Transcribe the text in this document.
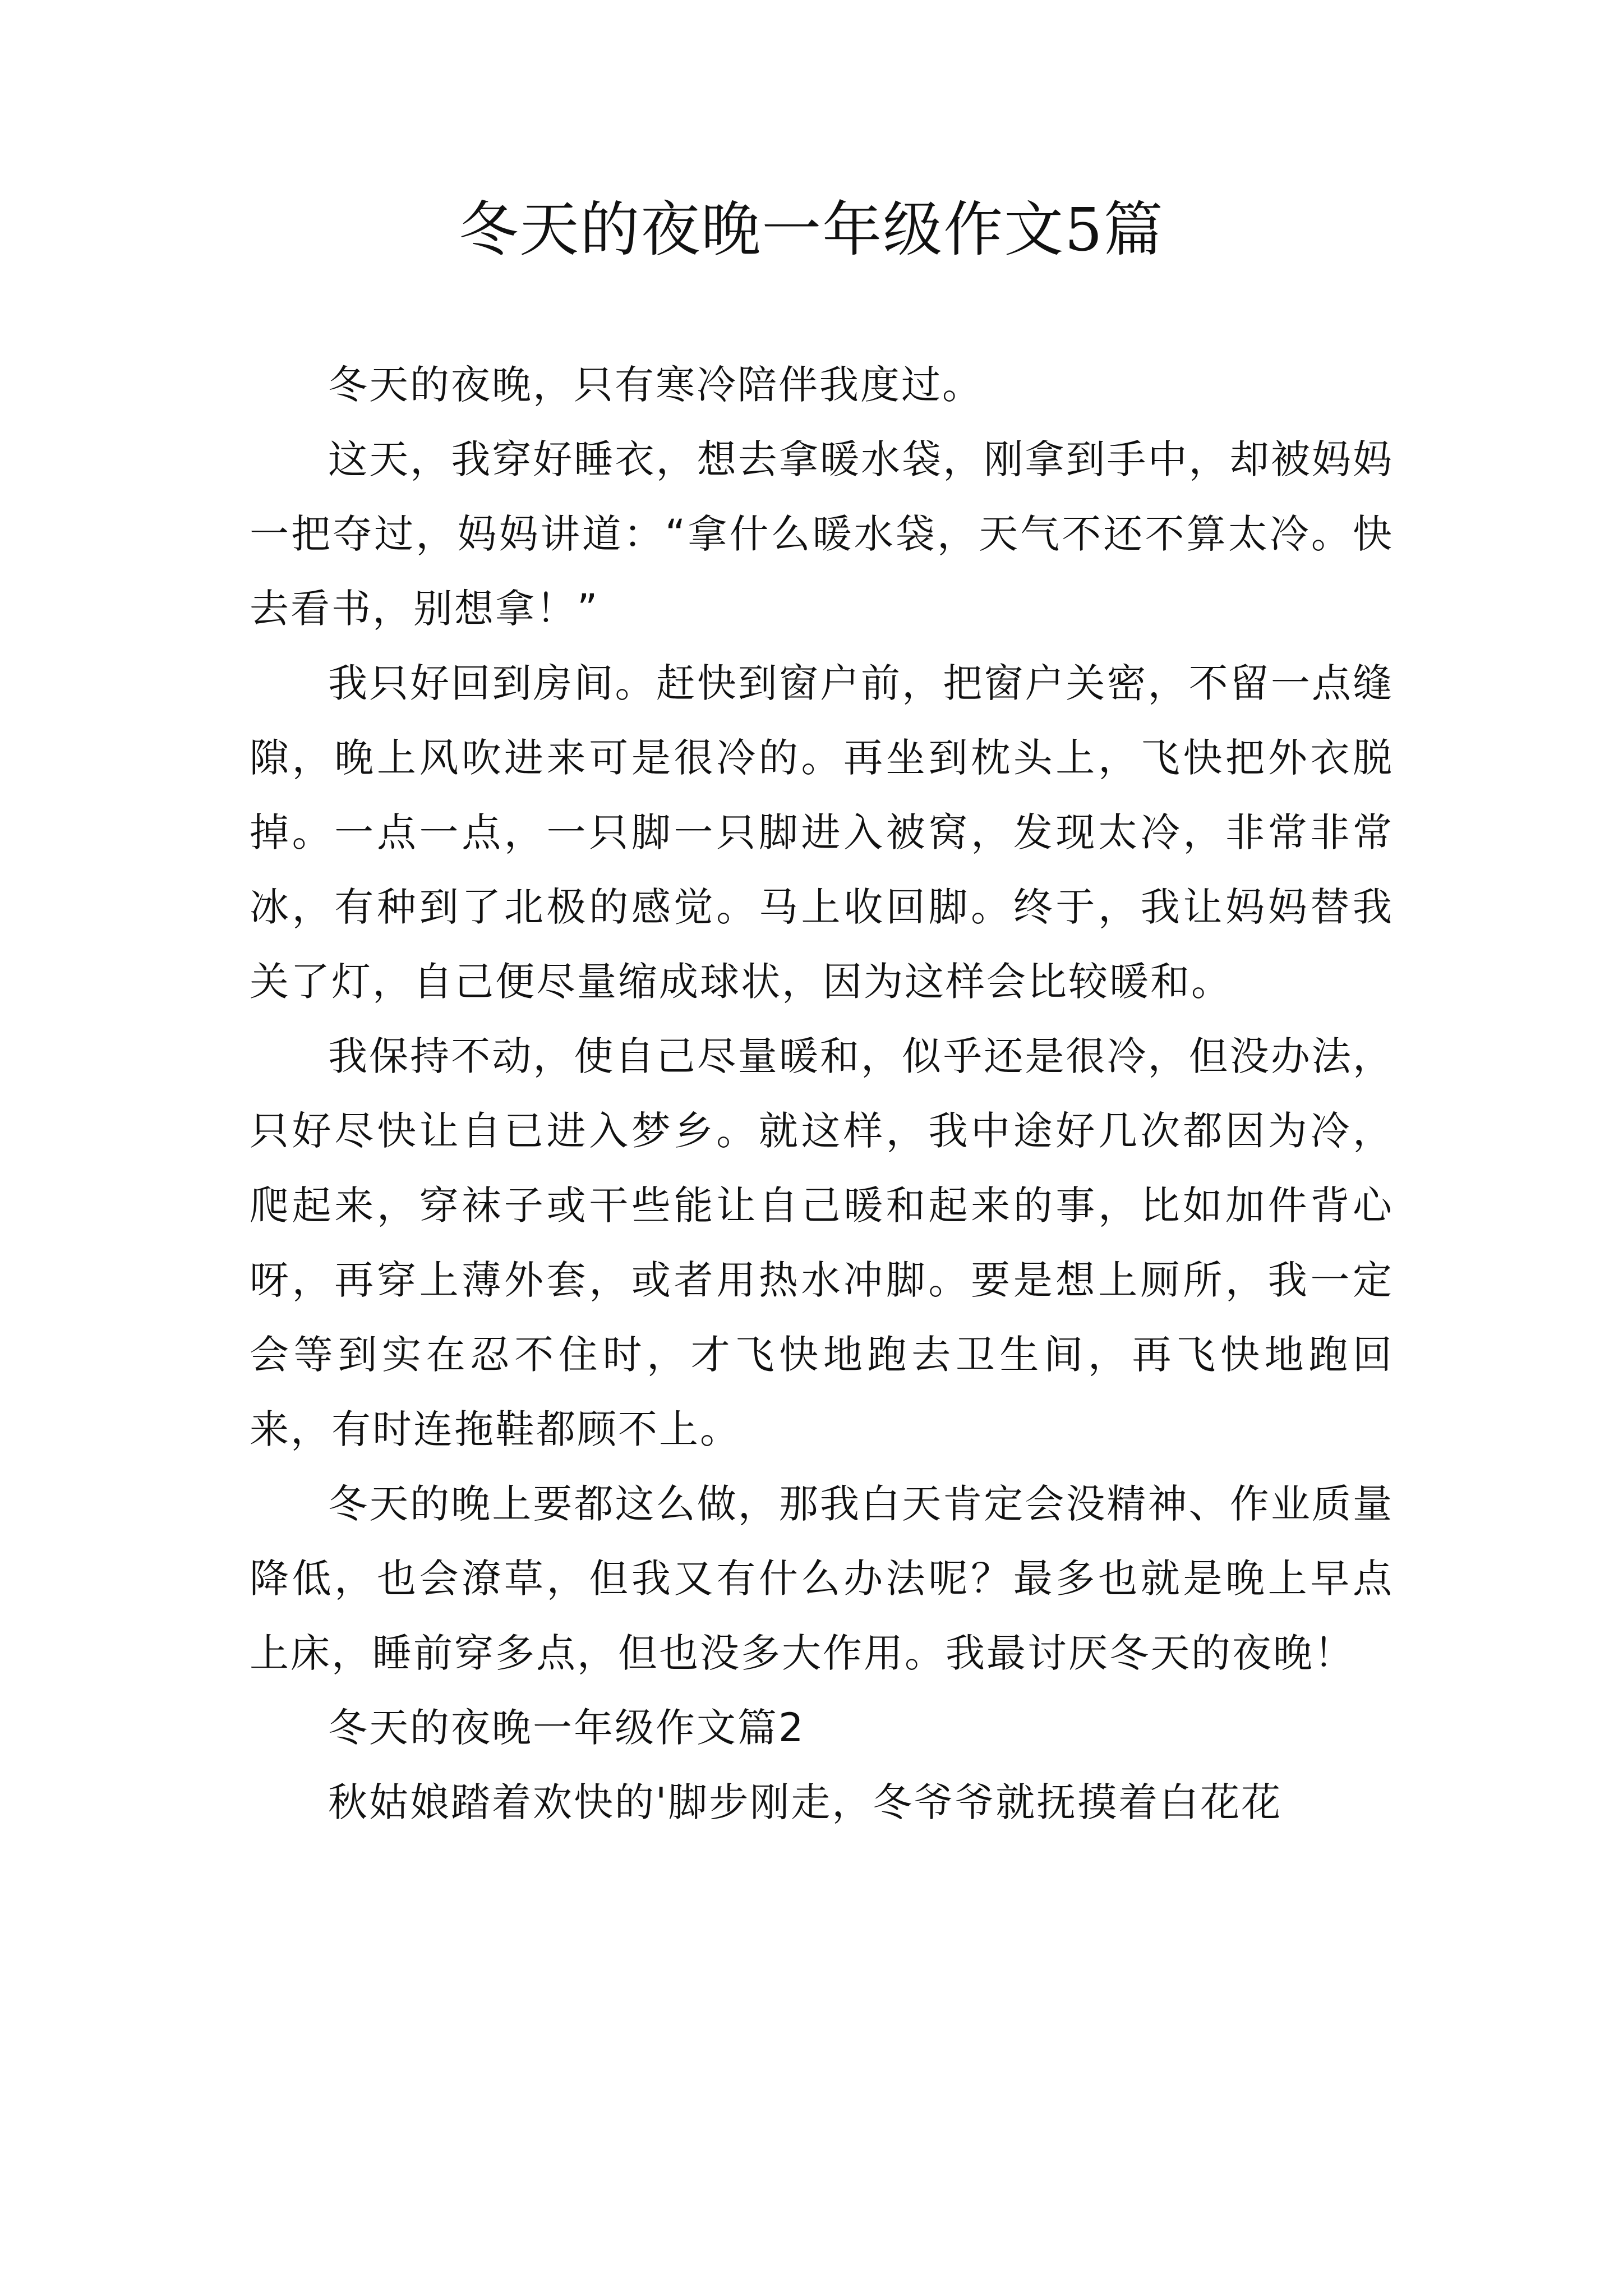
冬天的夜晚一年级作文5篇

冬天的夜晚，只有寒冷陪伴我度过。

这天，我穿好睡衣，想去拿暖水袋，刚拿到手中，却被妈妈一把夺过，妈妈讲道：“拿什么暖水袋，天气不还不算太冷。快去看书，别想拿！”

我只好回到房间。赶快到窗户前，把窗户关密，不留一点缝隙，晚上风吹进来可是很冷的。再坐到枕头上，飞快把外衣脱掉。一点一点，一只脚一只脚进入被窝，发现太冷，非常非常冰，有种到了北极的感觉。马上收回脚。终于，我让妈妈替我关了灯，自己便尽量缩成球状，因为这样会比较暖和。

我保持不动，使自己尽量暖和，似乎还是很冷，但没办法，只好尽快让自已进入梦乡。就这样，我中途好几次都因为冷，爬起来，穿袜子或干些能让自己暖和起来的事，比如加件背心呀，再穿上薄外套，或者用热水冲脚。要是想上厕所，我一定会等到实在忍不住时，才飞快地跑去卫生间，再飞快地跑回来，有时连拖鞋都顾不上。

冬天的晚上要都这么做，那我白天肯定会没精神、作业质量降低，也会潦草，但我又有什么办法呢？最多也就是晚上早点上床，睡前穿多点，但也没多大作用。我最讨厌冬天的夜晚！

冬天的夜晚一年级作文篇2

秋姑娘踏着欢快的'脚步刚走，冬爷爷就抚摸着白花花
